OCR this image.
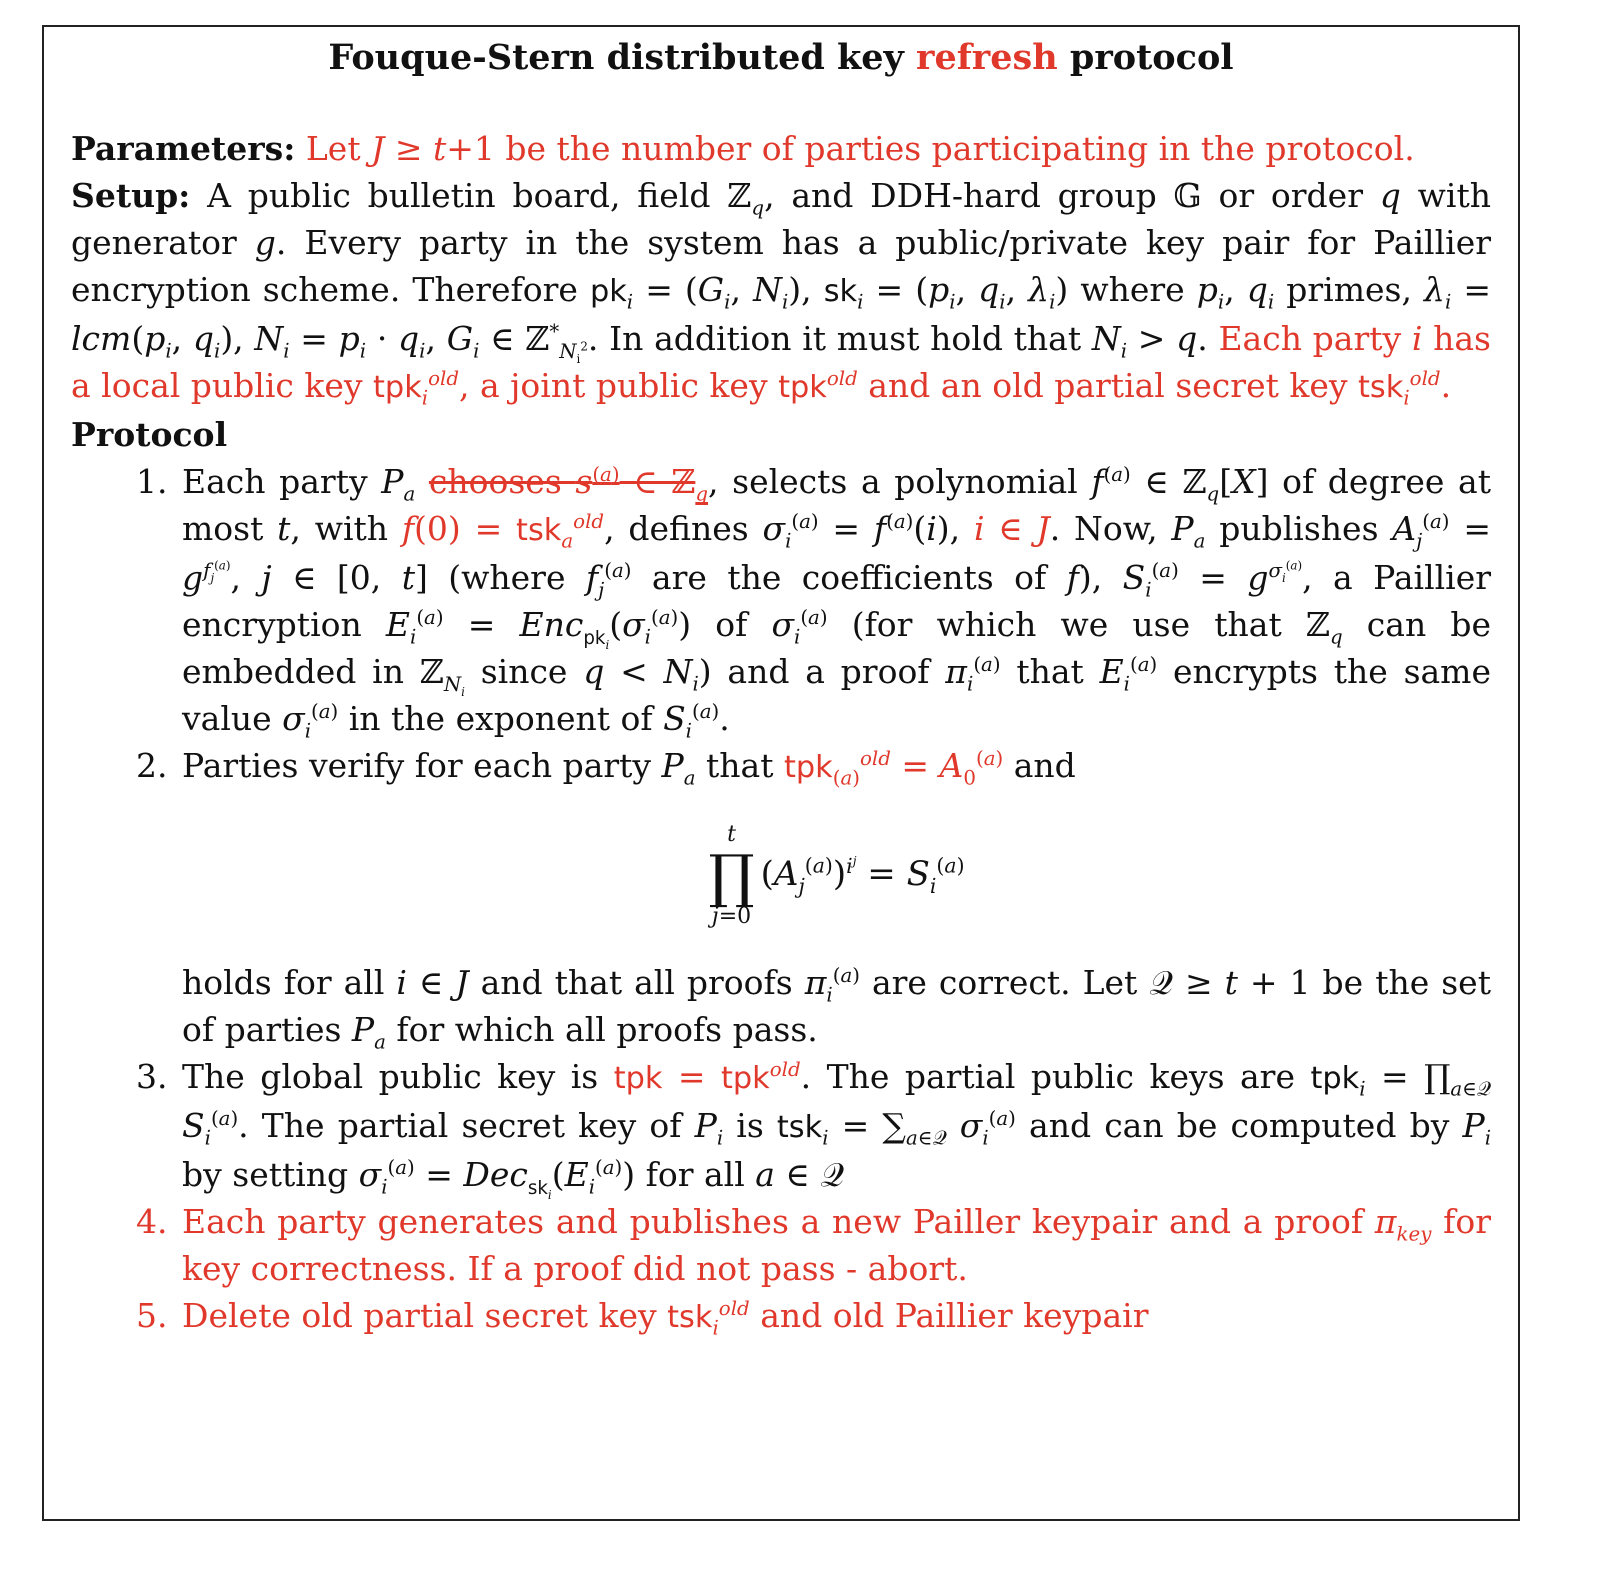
Fouque-Stern distributed key refresh protocol

Parameters: Let J ≥ t+1 be the number of parties participating in the protocol.

Setup: A public bulletin board, field ℤ$_q$, and DDH-hard group 𝔾 or order q with generator g. Every party in the system has a public/private key pair for Paillier encryption scheme. Therefore $pk_i = (G_i$, $N_i$), $sk_i = (p_i$, $q_i$, $\lambda_i$) where $p_i$, $q_i$ primes, $\lambda_i = lcm(p_i$, $q_i$), $N_i = p_i \cdot q_i$, $G_i$ ∈ ℤ*$_{N_i^2}$. In addition it must hold that $N_i > q$. Each party i has a local public key tpk$_i^{old}$, a joint public key tpk$^{old}$ and an old partial secret key tsk$_i^{old}$.

Protocol

1. Each party $P_a$ chooses $s^{(a)}$ ∈ ℤ$_q$, selects a polynomial $f^{(a)}$ ∈ ℤ$_q$[X] of degree at most t, with f(0) = tsk$_a^{old}$, defines $\sigma_i^{(a)} = f^{(a)}(i)$, i ∈ J. Now, $P_a$ publishes $A_j^{(a)} = g^{f_j^{(a)}}$, j ∈ [0, t] (where $f_j^{(a)}$ are the coefficients of f), $S_i^{(a)} = g^{\sigma_i^{(a)}}$, a Paillier encryption $E_i^{(a)} = Enc_{pk_i}(\sigma_i^{(a)})$ of $\sigma_i^{(a)}$ (for which we use that ℤ$_q$ can be embedded in ℤ$_{N_i}$ since $q < N_i$) and a proof $\pi_i^{(a)}$ that $E_i^{(a)}$ encrypts the same value $\sigma_i^{(a)}$ in the exponent of $S_i^{(a)}$.
2. Parties verify for each party $P_a$ that $tpk_{(a)}^{old} = A_0^{(a)}$ and
t
∏
j=0
$(A_j^{(a)})^{i^j} = S_i^{(a)}$
holds for all i ∈ J and that all proofs $\pi_i^{(a)}$ are correct. Let 𝒬 ≥ t + 1 be the set of parties $P_a$ for which all proofs pass.
3. The global public key is tpk = tpk$^{old}$. The partial public keys are $tpk_i = \prod_{a\in 𝒬}$ $S_i^{(a)}$. The partial secret key of $P_i$ is $tsk_i = \sum_{a\in 𝒬}$ $\sigma_i^{(a)}$ and can be computed by $P_i$ by setting $\sigma_i^{(a)} = Dec_{sk_i}(E_i^{(a)})$ for all a ∈ 𝒬
4. Each party generates and publishes a new Pailler keypair and a proof $\pi_{key}$ for key correctness. If a proof did not pass - abort.
5. Delete old partial secret key tsk$_i^{old}$ and old Paillier keypair
